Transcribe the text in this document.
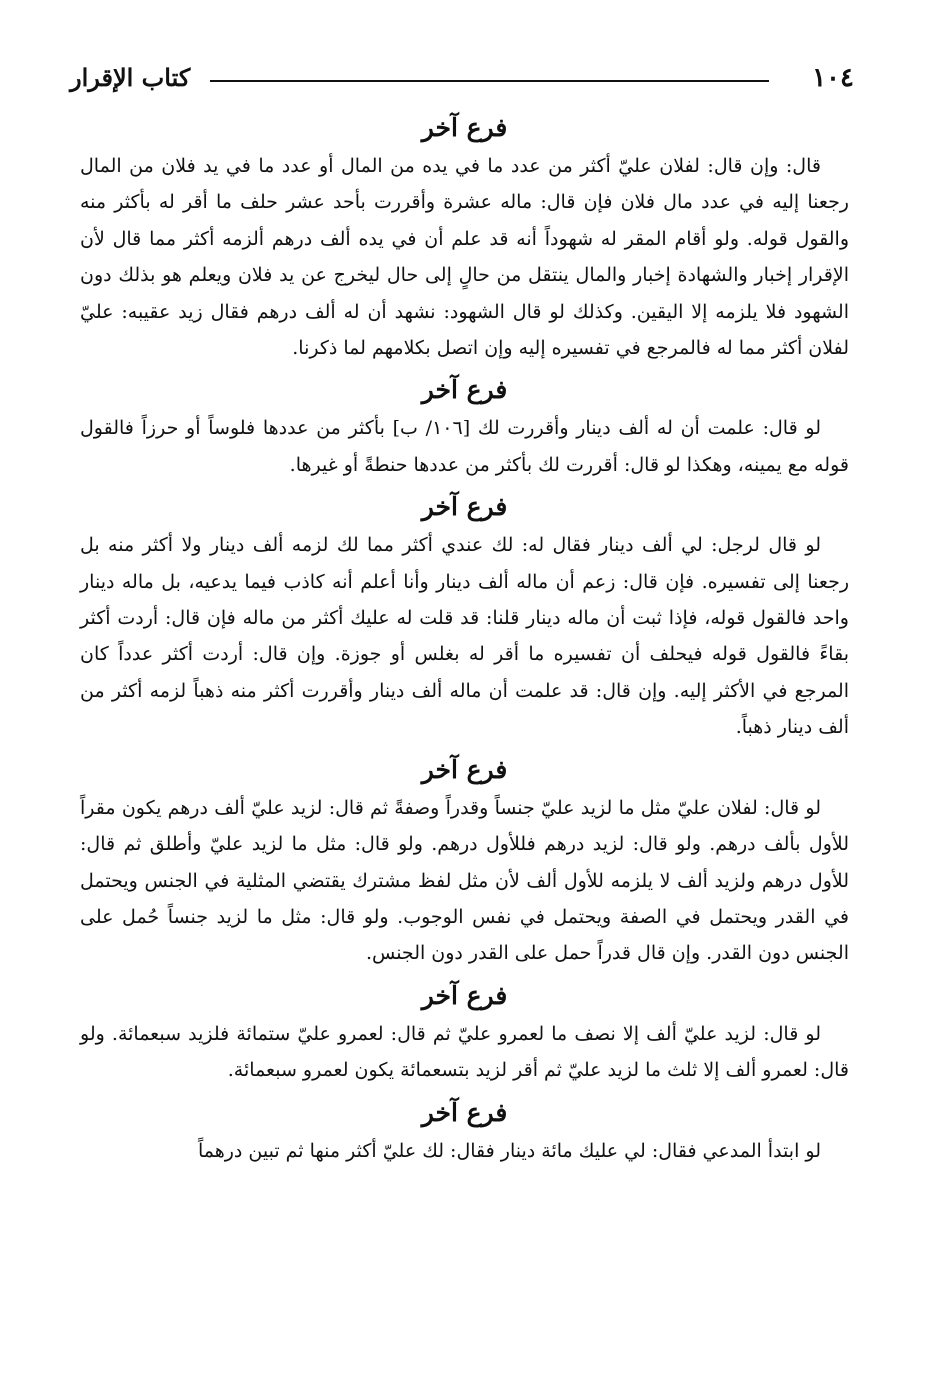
١٠٤
كتاب الإقرار
فرع آخر

قال: وإن قال: لفلان عليّ أكثر من عدد ما في يده من المال أو عدد ما في يد فلان من المال رجعنا إليه في عدد مال فلان فإن قال: ماله عشرة وأقررت بأحد عشر حلف ما أقر له بأكثر منه والقول قوله. ولو أقام المقر له شهوداً أنه قد علم أن في يده ألف درهم ألزمه أكثر مما قال لأن الإقرار إخبار والشهادة إخبار والمال ينتقل من حالٍ إلى حال ليخرج عن يد فلان ويعلم هو بذلك دون الشهود فلا يلزمه إلا اليقين. وكذلك لو قال الشهود: نشهد أن له ألف درهم فقال زيد عقيبه: عليّ لفلان أكثر مما له فالمرجع في تفسيره إليه وإن اتصل بكلامهم لما ذكرنا.

فرع آخر

لو قال: علمت أن له ألف دينار وأقررت لك [١٠٦/ ب] بأكثر من عددها فلوساً أو حرزاً فالقول قوله مع يمينه، وهكذا لو قال: أقررت لك بأكثر من عددها حنطةً أو غيرها.

فرع آخر

لو قال لرجل: لي ألف دينار فقال له: لك عندي أكثر مما لك لزمه ألف دينار ولا أكثر منه بل رجعنا إلى تفسيره. فإن قال: زعم أن ماله ألف دينار وأنا أعلم أنه كاذب فيما يدعيه، بل ماله دينار واحد فالقول قوله، فإذا ثبت أن ماله دينار قلنا: قد قلت له عليك أكثر من ماله فإن قال: أردت أكثر بقاءً فالقول قوله فيحلف أن تفسيره ما أقر له بغلس أو جوزة. وإن قال: أردت أكثر عدداً كان المرجع في الأكثر إليه. وإن قال: قد علمت أن ماله ألف دينار وأقررت أكثر منه ذهباً لزمه أكثر من ألف دينار ذهباً.

فرع آخر

لو قال: لفلان عليّ مثل ما لزيد عليّ جنساً وقدراً وصفةً ثم قال: لزيد عليّ ألف درهم يكون مقراً للأول بألف درهم. ولو قال: لزيد درهم فللأول درهم. ولو قال: مثل ما لزيد عليّ وأطلق ثم قال: للأول درهم ولزيد ألف لا يلزمه للأول ألف لأن مثل لفظ مشترك يقتضي المثلية في الجنس ويحتمل في القدر ويحتمل في الصفة ويحتمل في نفس الوجوب. ولو قال: مثل ما لزيد جنساً حُمل على الجنس دون القدر. وإن قال قدراً حمل على القدر دون الجنس.

فرع آخر

لو قال: لزيد عليّ ألف إلا نصف ما لعمرو عليّ ثم قال: لعمرو عليّ ستمائة فلزيد سبعمائة. ولو قال: لعمرو ألف إلا ثلث ما لزيد عليّ ثم أقر لزيد بتسعمائة يكون لعمرو سبعمائة.

فرع آخر

لو ابتدأ المدعي فقال: لي عليك مائة دينار فقال: لك عليّ أكثر منها ثم تبين درهماً
